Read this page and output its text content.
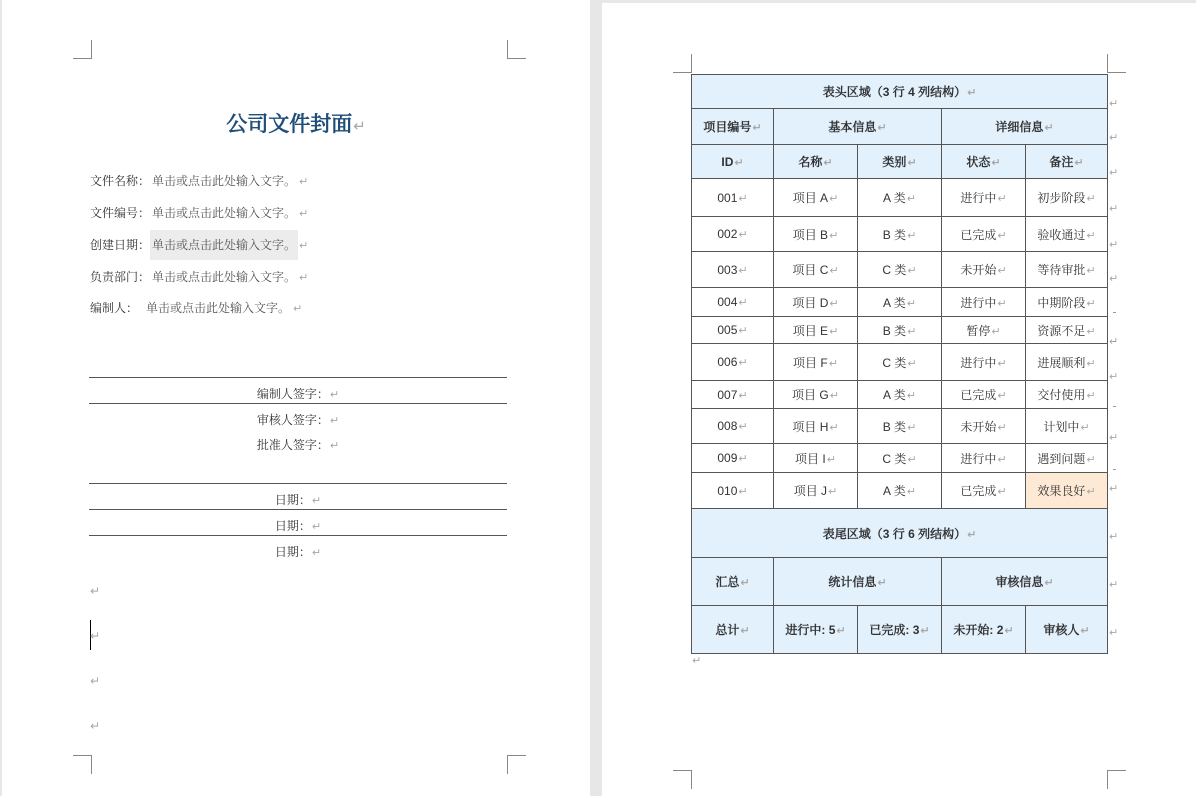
公司文件封面↵
文件名称： 单击或点击此处输入文字。 ↵
文件编号： 单击或点击此处输入文字。 ↵
创建日期： 单击或点击此处输入文字。 ↵
负责部门： 单击或点击此处输入文字。 ↵
编制人： 单击或点击此处输入文字。 ↵
编制人签字：↵
审核人签字：↵
批准人签字：↵
日期：↵
日期：↵
日期：↵
↵
↵
↵
↵
表头区域（3 行 4 列结构）↵				
项目编号↵	基本信息↵		详细信息↵	
ID↵	名称↵	类别↵	状态↵	备注↵
001↵	项目 A↵	A 类↵	进行中↵	初步阶段↵
002↵	项目 B↵	B 类↵	已完成↵	验收通过↵
003↵	项目 C↵	C 类↵	未开始↵	等待审批↵
004↵	项目 D↵	A 类↵	进行中↵	中期阶段↵
005↵	项目 E↵	B 类↵	暂停↵	资源不足↵
006↵	项目 F↵	C 类↵	进行中↵	进展顺利↵
007↵	项目 G↵	A 类↵	已完成↵	交付使用↵
008↵	项目 H↵	B 类↵	未开始↵	计划中↵
009↵	项目 I↵	C 类↵	进行中↵	遇到问题↵
010↵	项目 J↵	A 类↵	已完成↵	效果良好↵
表尾区域（3 行 6 列结构）↵				
汇总↵	统计信息↵		审核信息↵	
总计↵	进行中: 5↵	已完成: 3↵	未开始: 2↵	审核人↵
↵
↵
↵
↵
↵
↵
↵
↵
↵
↵
↵
↵
↵
↵
